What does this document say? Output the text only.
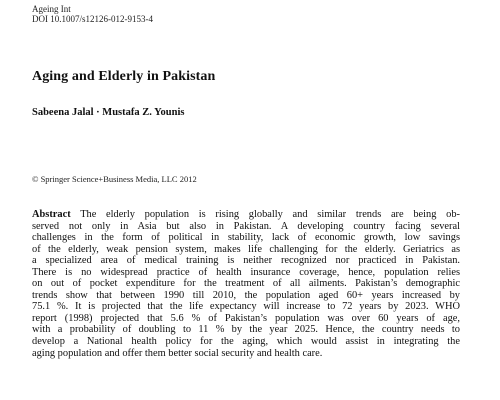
Ageing Int
DOI 10.1007/s12126-012-9153-4
Aging and Elderly in Pakistan
Sabeena Jalal · Mustafa Z. Younis
© Springer Science+Business Media, LLC 2012
Abstract The elderly population is rising globally and similar trends are being ob-
served not only in Asia but also in Pakistan. A developing country facing several
challenges in the form of political in stability, lack of economic growth, low savings
of the elderly, weak pension system, makes life challenging for the elderly. Geriatrics as
a specialized area of medical training is neither recognized nor practiced in Pakistan.
There is no widespread practice of health insurance coverage, hence, population relies
on out of pocket expenditure for the treatment of all ailments. Pakistan’s demographic
trends show that between 1990 till 2010, the population aged 60+ years increased by
75.1 %. It is projected that the life expectancy will increase to 72 years by 2023. WHO
report (1998) projected that 5.6 % of Pakistan’s population was over 60 years of age,
with a probability of doubling to 11 % by the year 2025. Hence, the country needs to
develop a National health policy for the aging, which would assist in integrating the
aging population and offer them better social security and health care.
